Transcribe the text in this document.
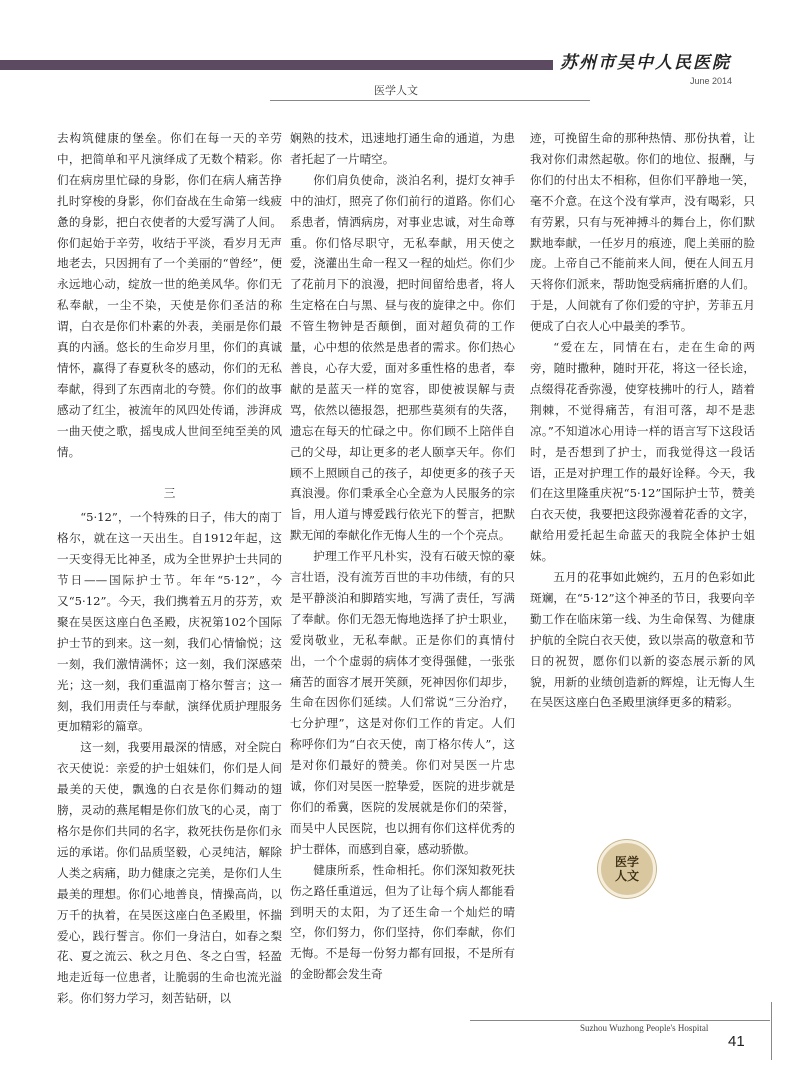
苏州市吴中人民医院
June 2014
医学人文

去构筑健康的堡垒。你们在每一天的辛劳中，把简单和平凡演绎成了无数个精彩。你们在病房里忙碌的身影，你们在病人痛苦挣扎时穿梭的身影，你们奋战在生命第一线疲惫的身影，把白衣使者的大爱写满了人间。你们起始于辛劳，收结于平淡，看岁月无声地老去，只因拥有了一个美丽的“曾经”，便永远地心动，绽放一世的绝美风华。你们无私奉献，一尘不染，天使是你们圣洁的称谓，白衣是你们朴素的外表，美丽是你们最真的内涵。悠长的生命岁月里，你们的真诚情怀，赢得了春夏秋冬的感动，你们的无私奉献，得到了东西南北的夸赞。你们的故事感动了红尘，被流年的风四处传诵，涉湃成一曲天使之歌，摇曳成人世间至纯至美的风情。

三

“5·12”，一个特殊的日子，伟大的南丁格尔，就在这一天出生。自1912年起，这一天变得无比神圣，成为全世界护士共同的节日——国际护士节。年年“5·12”，今又“5·12”。今天，我们携着五月的芬芳，欢聚在吴医这座白色圣殿，庆祝第102个国际护士节的到来。这一刻，我们心情愉悦；这一刻，我们激情满怀；这一刻，我们深感荣光；这一刻，我们重温南丁格尔誓言；这一刻，我们用责任与奉献，演绎优质护理服务更加精彩的篇章。

这一刻，我要用最深的情感，对全院白衣天使说：亲爱的护士姐妹们，你们是人间最美的天使，飘逸的白衣是你们舞动的翅膀，灵动的燕尾帽是你们放飞的心灵，南丁格尔是你们共同的名字，救死扶伤是你们永远的承诺。你们品质坚毅，心灵纯洁，解除人类之病痛，助力健康之完美，是你们人生最美的理想。你们心地善良，情操高尚，以万千的执着，在吴医这座白色圣殿里，怀揣爱心，践行誓言。你们一身洁白，如春之梨花、夏之流云、秋之月色、冬之白雪，轻盈地走近每一位患者，让脆弱的生命也流光溢彩。你们努力学习，刻苦钻研，以

娴熟的技术，迅速地打通生命的通道，为患者托起了一片晴空。

你们肩负使命，淡泊名利，提灯女神手中的油灯，照亮了你们前行的道路。你们心系患者，情洒病房，对事业忠诚，对生命尊重。你们恪尽职守，无私奉献，用天使之爱，浇灌出生命一程又一程的灿烂。你们少了花前月下的浪漫，把时间留给患者，将人生定格在白与黑、昼与夜的旋律之中。你们不管生物钟是否颠倒，面对超负荷的工作量，心中想的依然是患者的需求。你们热心善良，心存大爱，面对多重性格的患者，奉献的是蓝天一样的宽容，即使被误解与责骂，依然以德报怨，把那些莫须有的失落，遗忘在每天的忙碌之中。你们顾不上陪伴自己的父母，却让更多的老人颐享天年。你们顾不上照顾自己的孩子，却使更多的孩子天真浪漫。你们秉承全心全意为人民服务的宗旨，用人道与博爱践行依光下的誓言，把默默无闻的奉献化作无悔人生的一个个亮点。

护理工作平凡朴实，没有石破天惊的豪言壮语，没有流芳百世的丰功伟绩，有的只是平静淡泊和脚踏实地，写满了责任，写满了奉献。你们无怨无悔地选择了护士职业，爱岗敬业，无私奉献。正是你们的真情付出，一个个虚弱的病体才变得强健，一张张痛苦的面容才展开笑颜，死神因你们却步，生命在因你们延续。人们常说“三分治疗，七分护理”，这是对你们工作的肯定。人们称呼你们为“白衣天使，南丁格尔传人”，这是对你们最好的赞美。你们对吴医一片忠诚，你们对吴医一腔挚爱，医院的进步就是你们的希冀，医院的发展就是你们的荣誉，而吴中人民医院，也以拥有你们这样优秀的护士群体，而感到自豪，感动骄傲。

健康所系，性命相托。你们深知救死扶伤之路任重道远，但为了让每个病人都能看到明天的太阳，为了还生命一个灿烂的晴空，你们努力，你们坚持，你们奉献，你们无悔。不是每一份努力都有回报，不是所有的金盼都会发生奇

迹，可挽留生命的那种热情、那份执着，让我对你们肃然起敬。你们的地位、报酬，与你们的付出太不相称，但你们平静地一笑，毫不介意。在这个没有掌声，没有喝彩，只有劳累，只有与死神搏斗的舞台上，你们默默地奉献，一任岁月的痕迹，爬上美丽的脸庞。上帝自己不能前来人间，便在人间五月天将你们派来，帮助饱受病痛折磨的人们。于是，人间就有了你们爱的守护，芳菲五月便成了白衣人心中最美的季节。

“爱在左，同情在右，走在生命的两旁，随时撒种，随时开花，将这一径长途，点缀得花香弥漫，使穿枝拂叶的行人，踏着荆棘，不觉得痛苦，有泪可落，却不是悲凉。”不知道冰心用诗一样的语言写下这段话时，是否想到了护士，而我觉得这一段话语，正是对护理工作的最好诠释。今天，我们在这里隆重庆祝“5·12”国际护士节，赞美白衣天使，我要把这段弥漫着花香的文字，献给用爱托起生命蓝天的我院全体护士姐妹。

五月的花事如此婉约，五月的色彩如此斑斓，在“5·12”这个神圣的节日，我要向辛勤工作在临床第一线、为生命保驾、为健康护航的全院白衣天使，致以崇高的敬意和节日的祝贺，愿你们以新的姿态展示新的风貌，用新的业绩创造新的辉煌，让无悔人生在吴医这座白色圣殿里演绎更多的精彩。

医学
人文
Suzhou Wuzhong People's Hospital
41
